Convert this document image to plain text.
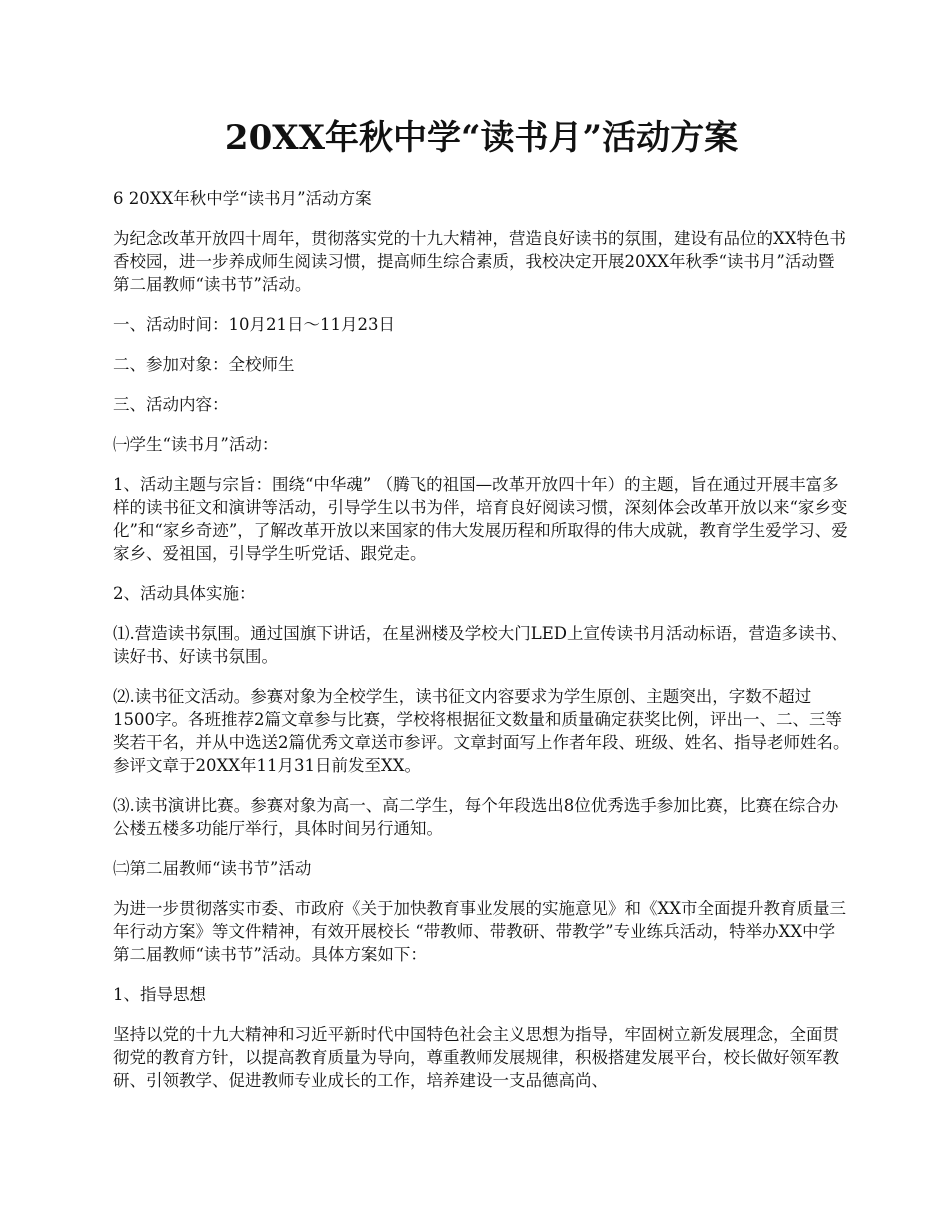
20XX年秋中学“读书月”活动方案

6 20XX年秋中学“读书月”活动方案

为纪念改革开放四十周年，贯彻落实党的十九大精神，营造良好读书的氛围，建设有品位的XX特色书香校园，进一步养成师生阅读习惯，提高师生综合素质，我校决定开展20XX年秋季“读书月”活动暨第二届教师“读书节”活动。

一、活动时间：10月21日～11月23日

二、参加对象：全校师生

三、活动内容：

㈠学生“读书月”活动：

1、活动主题与宗旨：围绕“中华魂” （腾飞的祖国—改革开放四十年）的主题，旨在通过开展丰富多样的读书征文和演讲等活动，引导学生以书为伴，培育良好阅读习惯，深刻体会改革开放以来“家乡变化”和“家乡奇迹”，了解改革开放以来国家的伟大发展历程和所取得的伟大成就，教育学生爱学习、爱家乡、爱祖国，引导学生听党话、跟党走。

2、活动具体实施：

⑴.营造读书氛围。通过国旗下讲话，在星洲楼及学校大门LED上宣传读书月活动标语，营造多读书、读好书、好读书氛围。

⑵.读书征文活动。参赛对象为全校学生，读书征文内容要求为学生原创、主题突出，字数不超过1500字。各班推荐2篇文章参与比赛，学校将根据征文数量和质量确定获奖比例，评出一、二、三等奖若干名，并从中选送2篇优秀文章送市参评。文章封面写上作者年段、班级、姓名、指导老师姓名。参评文章于20XX年11月31日前发至XX。

⑶.读书演讲比赛。参赛对象为高一、高二学生，每个年段选出8位优秀选手参加比赛，比赛在综合办公楼五楼多功能厅举行，具体时间另行通知。

㈡第二届教师“读书节”活动

为进一步贯彻落实市委、市政府《关于加快教育事业发展的实施意见》和《XX市全面提升教育质量三年行动方案》等文件精神，有效开展校长 “带教师、带教研、带教学”专业练兵活动，特举办XX中学第二届教师“读书节”活动。具体方案如下：

1、指导思想

坚持以党的十九大精神和习近平新时代中国特色社会主义思想为指导，牢固树立新发展理念，全面贯彻党的教育方针，以提高教育质量为导向，尊重教师发展规律，积极搭建发展平台，校长做好领军教研、引领教学、促进教师专业成长的工作，培养建设一支品德高尚、
